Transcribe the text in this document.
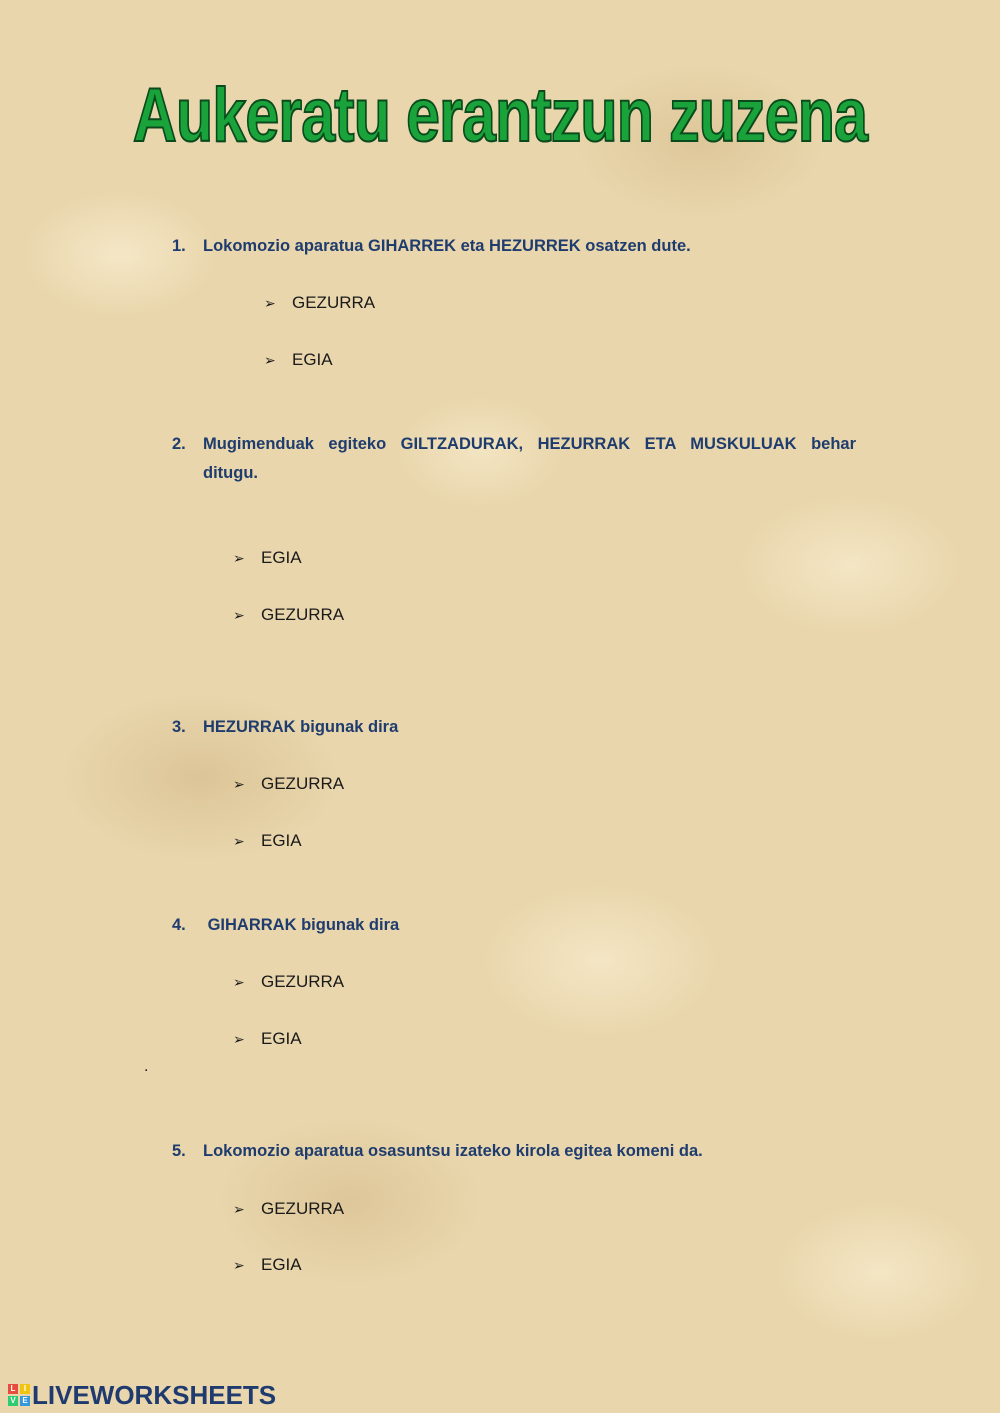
Aukeratu erantzun zuzena
1. Lokomozio aparatua GIHARREK eta HEZURREK osatzen dute.
➢ GEZURRA
➢ EGIA
2. Mugimenduak egiteko GILTZADURAK, HEZURRAK ETA MUSKULUAK behar ditugu.
➢ EGIA
➢ GEZURRA
3. HEZURRAK bigunak dira
➢ GEZURRA
➢ EGIA
4. GIHARRAK bigunak dira
➢ GEZURRA
➢ EGIA
.
5. Lokomozio aparatua osasuntsu izateko kirola egitea komeni da.
➢ GEZURRA
➢ EGIA
L	I
V E LIVEWORKSHEETS
